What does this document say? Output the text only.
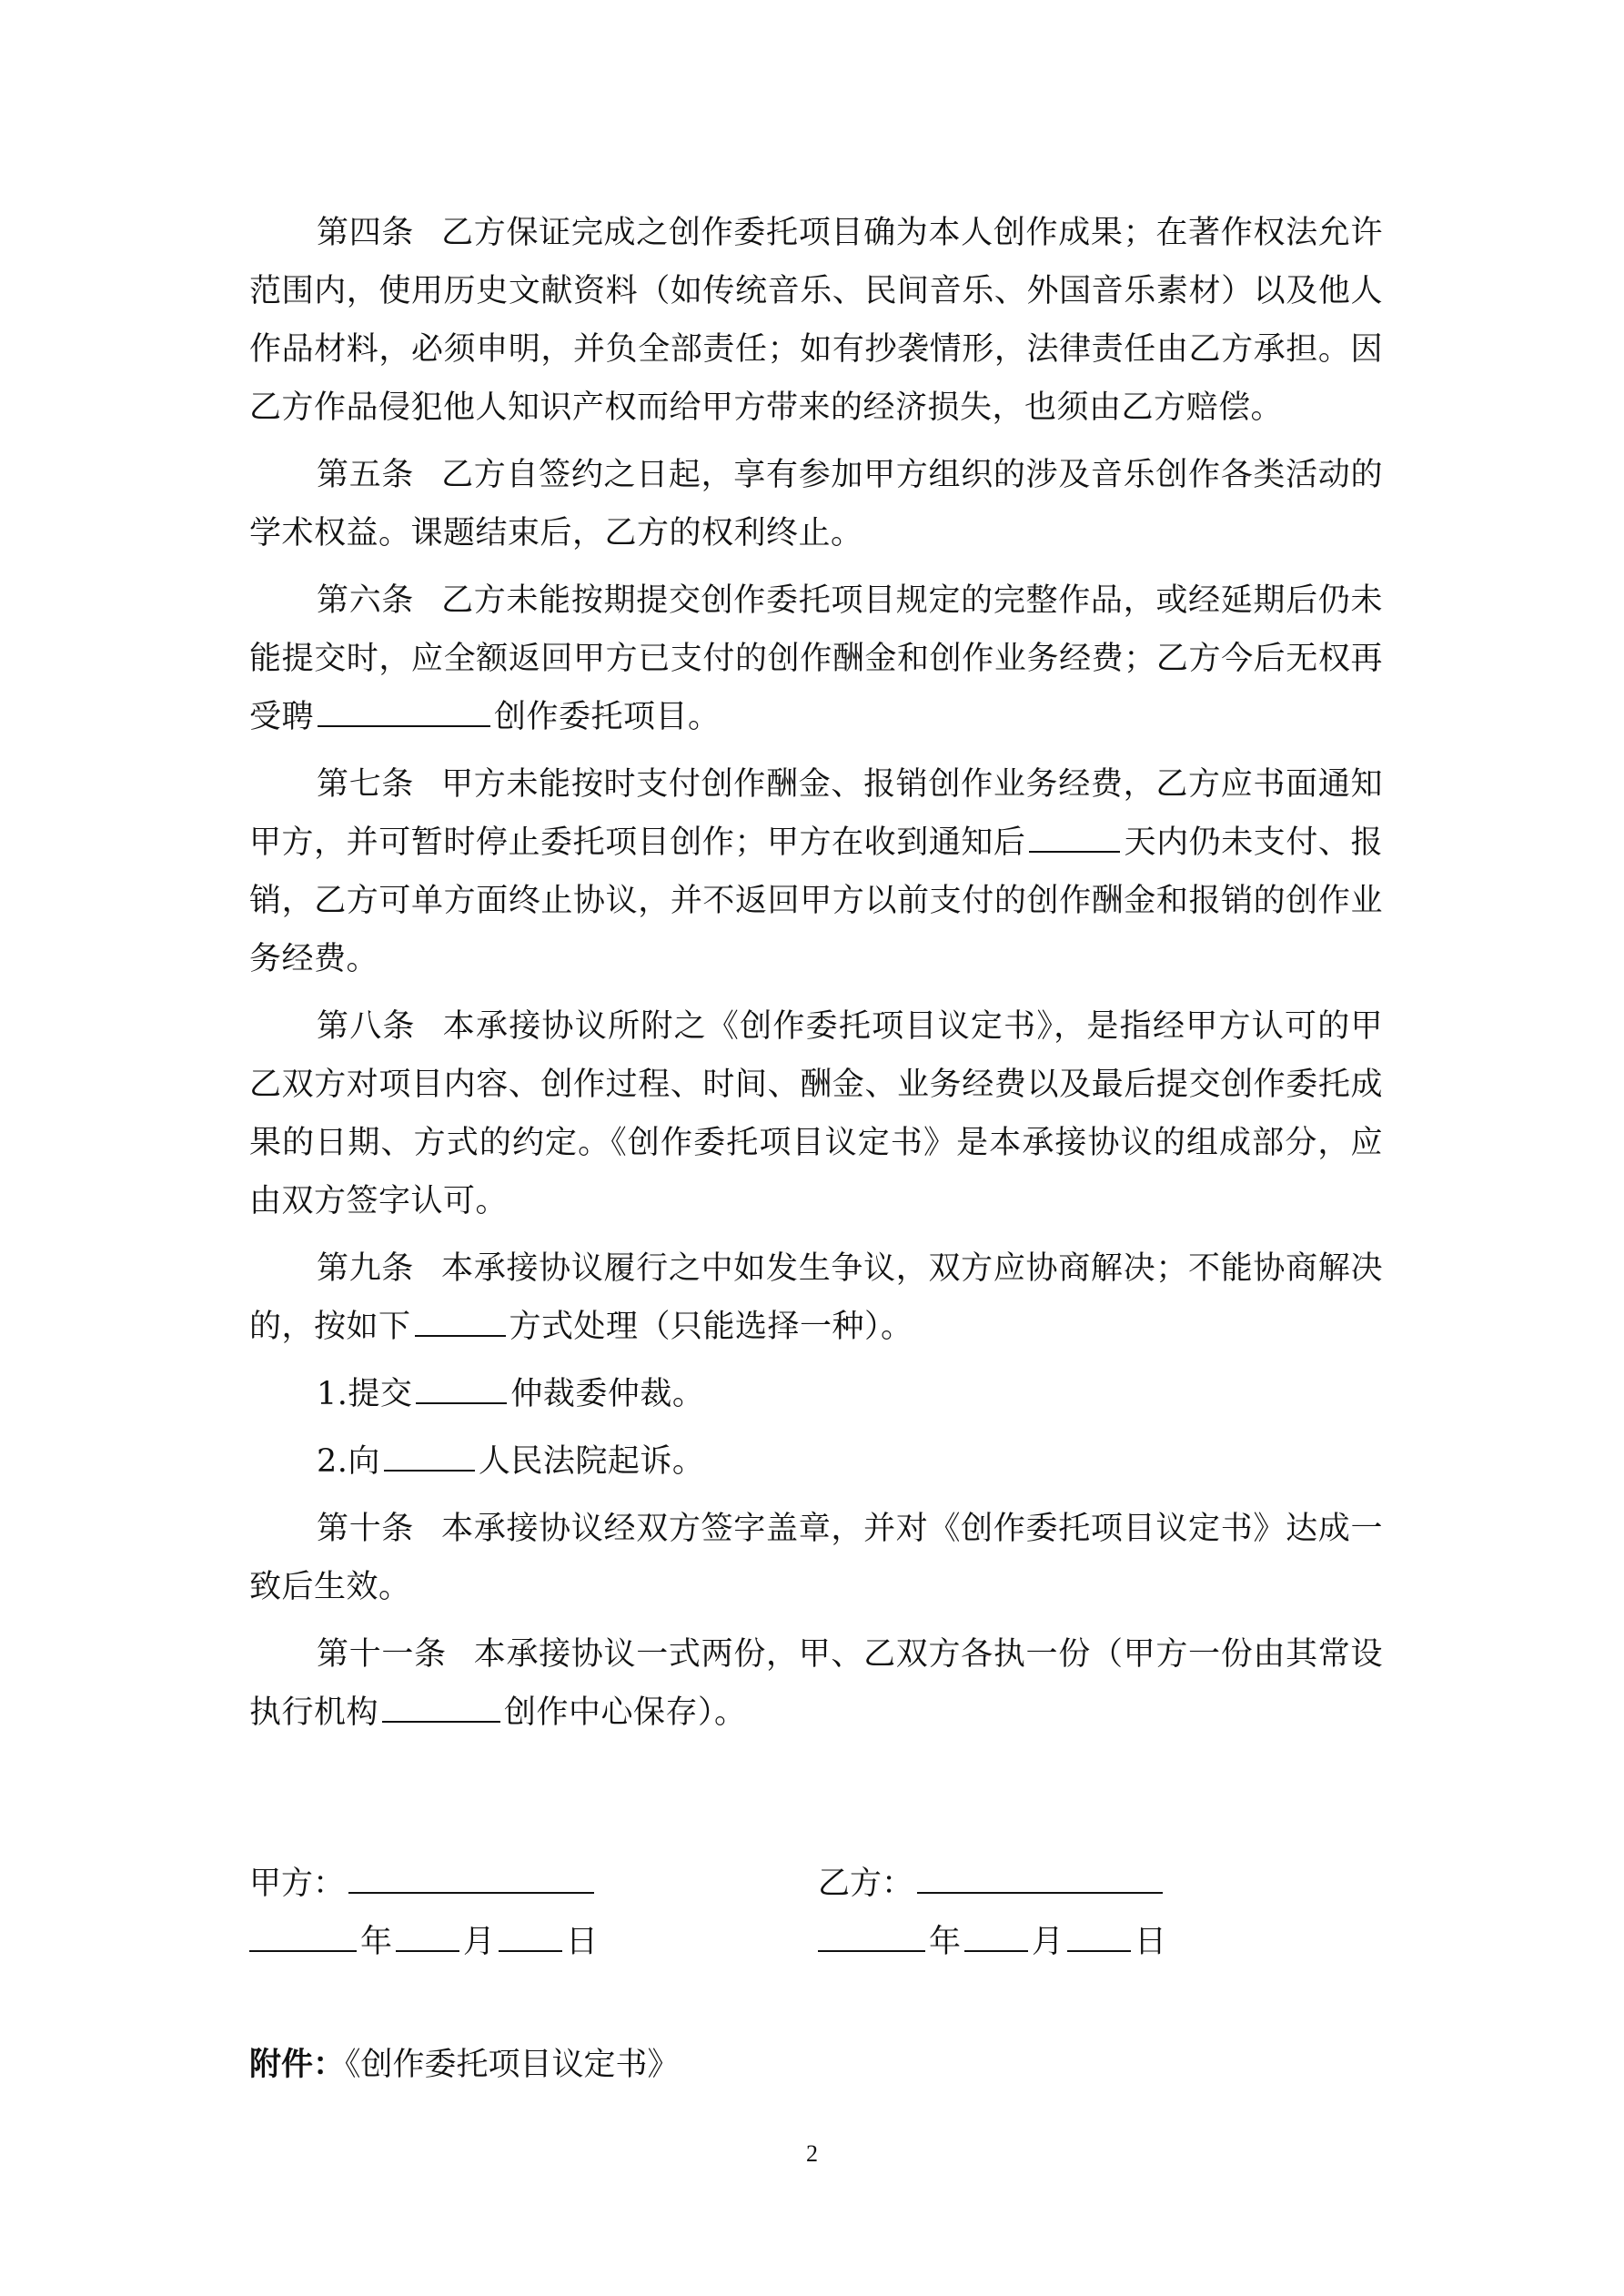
第四条 乙方保证完成之创作委托项目确为本人创作成果；在著作权法允许范围内，使用历史文献资料（如传统音乐、民间音乐、外国音乐素材）以及他人作品材料，必须申明，并负全部责任；如有抄袭情形，法律责任由乙方承担。因乙方作品侵犯他人知识产权而给甲方带来的经济损失，也须由乙方赔偿。

第五条 乙方自签约之日起，享有参加甲方组织的涉及音乐创作各类活动的学术权益。课题结束后，乙方的权利终止。

第六条 乙方未能按期提交创作委托项目规定的完整作品，或经延期后仍未能提交时，应全额返回甲方已支付的创作酬金和创作业务经费；乙方今后无权再受聘	创作委托项目。

第七条 甲方未能按时支付创作酬金、报销创作业务经费，乙方应书面通知甲方，并可暂时停止委托项目创作；甲方在收到通知后	天内仍未支付、报销，乙方可单方面终止协议，并不返回甲方以前支付的创作酬金和报销的创作业务经费。

第八条 本承接协议所附之《创作委托项目议定书》，是指经甲方认可的甲乙双方对项目内容、创作过程、时间、酬金、业务经费以及最后提交创作委托成果的日期、方式的约定。《创作委托项目议定书》是本承接协议的组成部分，应由双方签字认可。

第九条 本承接协议履行之中如发生争议，双方应协商解决；不能协商解决的，按如下	方式处理（只能选择一种）。

1.提交	仲裁委仲裁。

2.向	人民法院起诉。

第十条 本承接协议经双方签字盖章，并对《创作委托项目议定书》达成一致后生效。

第十一条 本承接协议一式两份，甲、乙双方各执一份（甲方一份由其常设执行机构	创作中心保存）。

甲方：
年 月 日
乙方：
年 月 日
附件：《创作委托项目议定书》
2
